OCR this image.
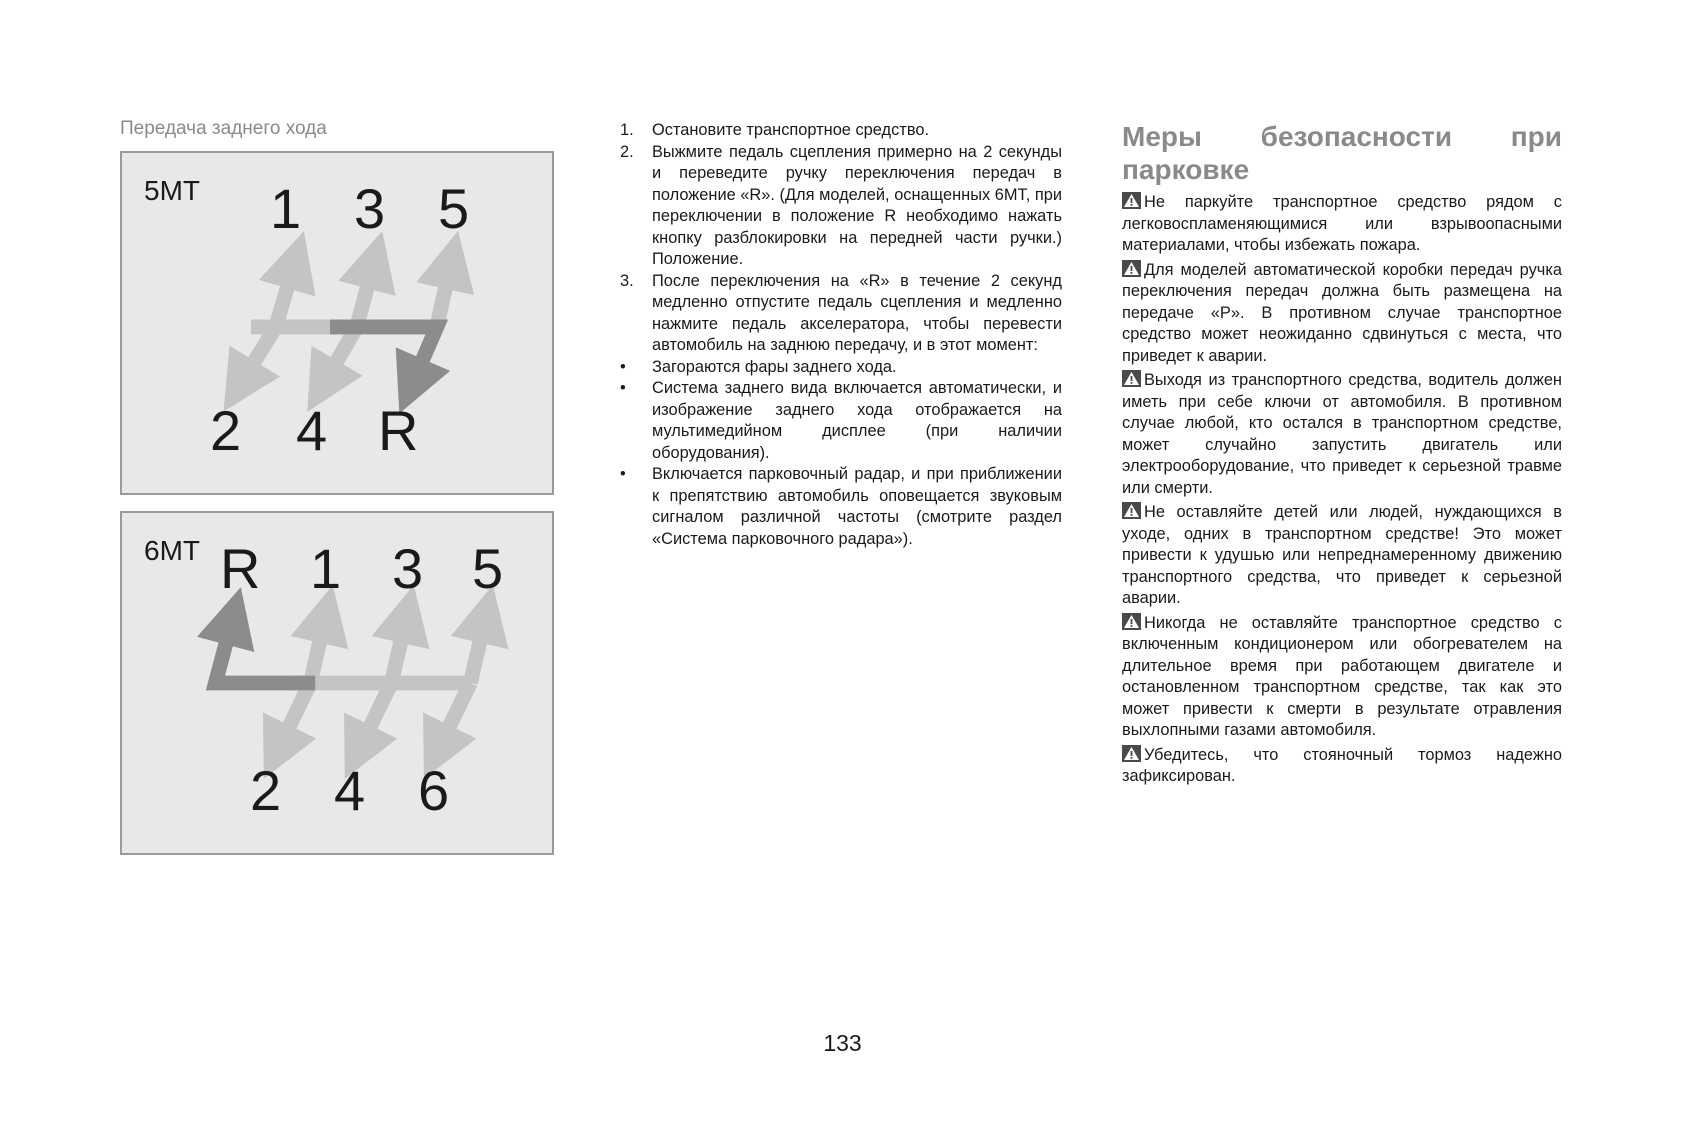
Передача заднего хода
5MT 1 3 5
2 4 R
6MT R 1 3 5
2 4 6
1. Остановите транспортное средство.
2. Выжмите педаль сцепления примерно на 2 секунды и переведите ручку переключения передач в положение «R». (Для моделей, оснащенных 6MT, при переключении в положение R необходимо нажать кнопку разблокировки на передней части ручки.) Положение.
3. После переключения на «R» в течение 2 секунд медленно отпустите педаль сцепления и медленно нажмите педаль акселератора, чтобы перевести автомобиль на заднюю передачу, и в этот момент:
• Загораются фары заднего хода.
• Система заднего вида включается автоматически, и изображение заднего хода отображается на мультимедийном дисплее (при наличии оборудования).
• Включается парковочный радар, и при приближении к препятствию автомобиль оповещается звуковым сигналом различной частоты (смотрите раздел «Система парковочного радара»).
Меры безопасности при парковке
Не паркуйте транспортное средство рядом с легковоспламеняющимися или взрывоопасными материалами, чтобы избежать пожара.
Для моделей автоматической коробки передач ручка переключения передач должна быть размещена на передаче «P». В противном случае транспортное средство может неожиданно сдвинуться с места, что приведет к аварии.
Выходя из транспортного средства, водитель должен иметь при себе ключи от автомобиля. В противном случае любой, кто остался в транспортном средстве, может случайно запустить двигатель или электрооборудование, что приведет к серьезной травме или смерти.
Не оставляйте детей или людей, нуждающихся в уходе, одних в транспортном средстве! Это может привести к удушью или непреднамеренному движению транспортного средства, что приведет к серьезной аварии.
Никогда не оставляйте транспортное средство с включенным кондиционером или обогревателем на длительное время при работающем двигателе и остановленном транспортном средстве, так как это может привести к смерти в результате отравления выхлопными газами автомобиля.
Убедитесь, что стояночный тормоз надежно зафиксирован.
133
